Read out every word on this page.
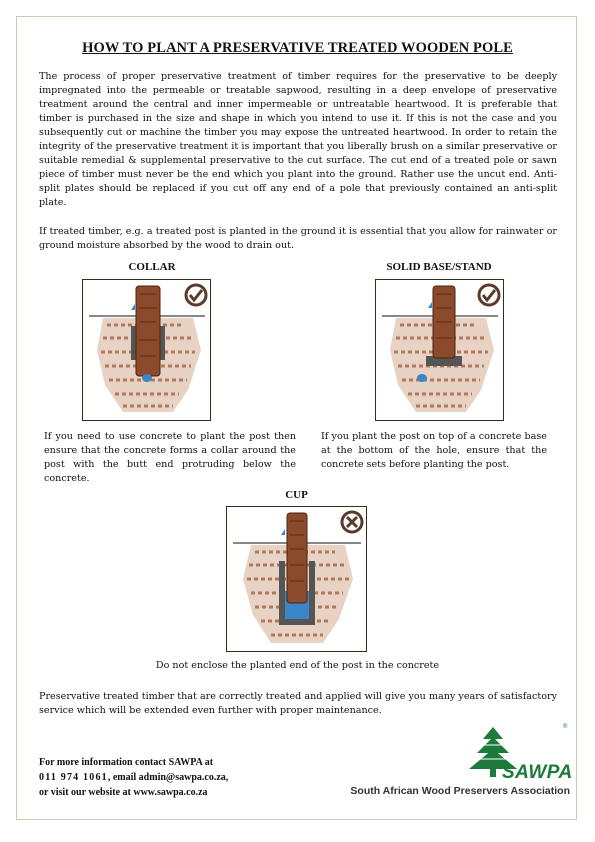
HOW TO PLANT A PRESERVATIVE TREATED WOODEN POLE

The process of proper preservative treatment of timber requires for the preservative to be deeply impregnated into the permeable or treatable sapwood, resulting in a deep envelope of preservative treatment around the central and inner impermeable or untreatable heartwood. It is preferable that timber is purchased in the size and shape in which you intend to use it. If this is not the case and you subsequently cut or machine the timber you may expose the untreated heartwood. In order to retain the integrity of the preservative treatment it is important that you liberally brush on a similar preservative or suitable remedial & supplemental preservative to the cut surface. The cut end of a treated pole or sawn piece of timber must never be the end which you plant into the ground. Rather use the uncut end. Anti-split plates should be replaced if you cut off any end of a pole that previously contained an anti-split plate.

If treated timber, e.g. a treated post is planted in the ground it is essential that you allow for rainwater or ground moisture absorbed by the wood to drain out.

COLLAR

If you need to use concrete to plant the post then ensure that the concrete forms a collar around the post with the butt end protruding below the concrete.

SOLID BASE/STAND

If you plant the post on top of a concrete base at the bottom of the hole, ensure that the concrete sets before planting the post.

CUP

Do not enclose the planted end of the post in the concrete

Preservative treated timber that are correctly treated and applied will give you many years of satisfactory service which will be extended even further with proper maintenance.

For more information contact SAWPA at
011 974 1061, email admin@sawpa.co.za,
or visit our website at www.sawpa.co.za
®
SAWPA
South African Wood Preservers Association
